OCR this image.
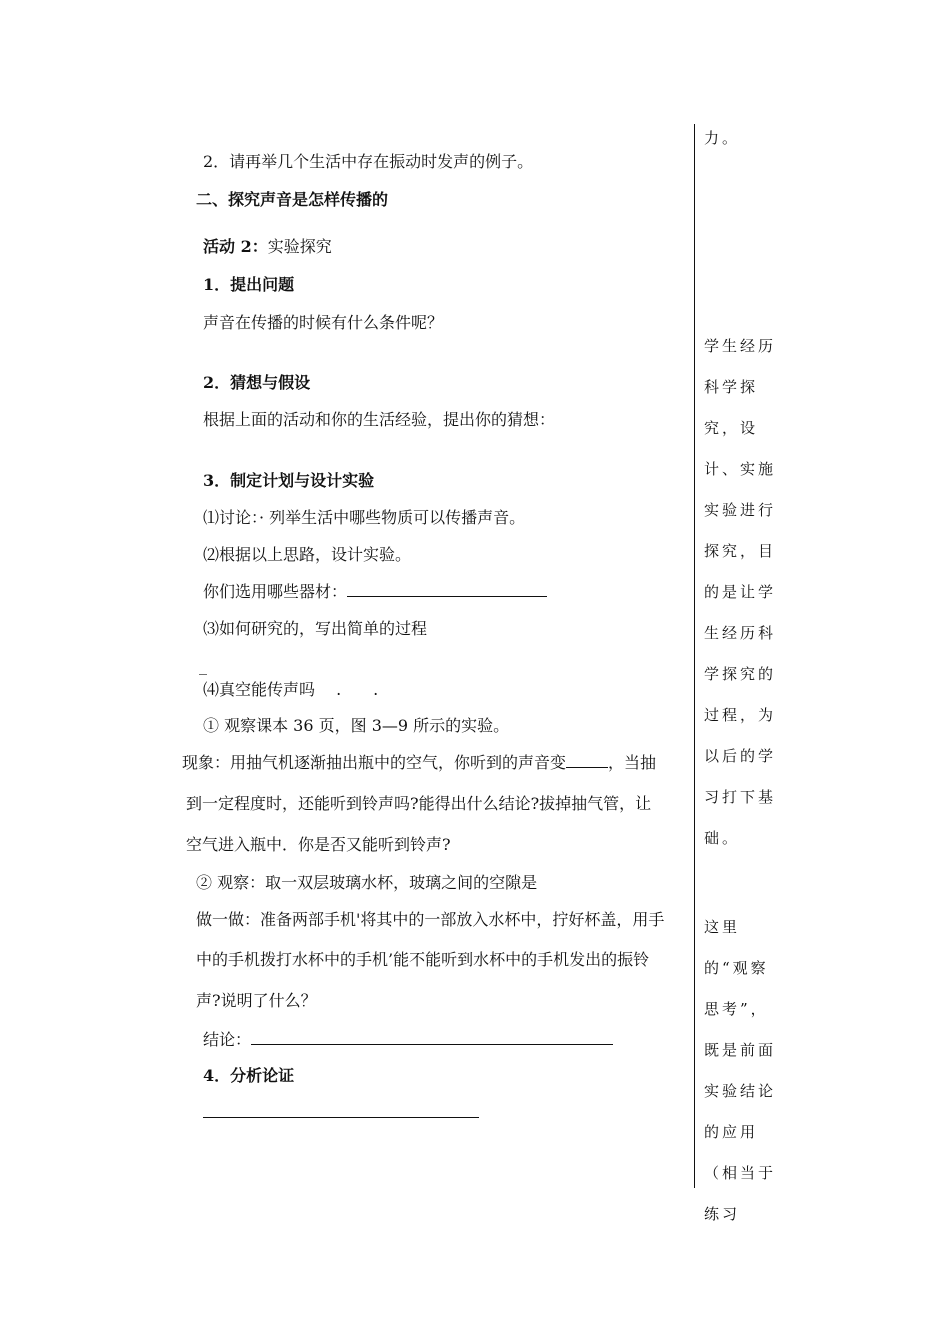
2．请再举几个生活中存在振动时发声的例子。
二、探究声音是怎样传播的
活动 2：实验探究
1．提出问题
声音在传播的时候有什么条件呢？
2．猜想与假设
根据上面的活动和你的生活经验，提出你的猜想：
3．制定计划与设计实验
⑴讨论：· 列举生活中哪些物质可以传播声音。
⑵根据以上思路，设计实验。
你们选用哪些器材：
⑶如何研究的，写出简单的过程
_
⑷真空能传声吗　 .　　.
① 观察课本 36 页，图 3—9 所示的实验。
现象：用抽气机逐渐抽出瓶中的空气，你听到的声音变	，当抽
到一定程度时，还能听到铃声吗?能得出什么结论?拔掉抽气管，让
空气进入瓶中．你是否又能听到铃声?
② 观察：取一双层玻璃水杯，玻璃之间的空隙是
做一做：准备两部手机'将其中的一部放入水杯中，拧好杯盖，用手
中的手机拨打水杯中的手机’能不能听到水杯中的手机发出的振铃
声?说明了什么？
结论：
4．分析论证
力。
学生经历科学探究，设计、实施实验进行探究，目的是让学生经历科学探究的过程，为以后的学习打下基础。
这里的“观察思考”，既是前面实验结论的应用（相当于练习
